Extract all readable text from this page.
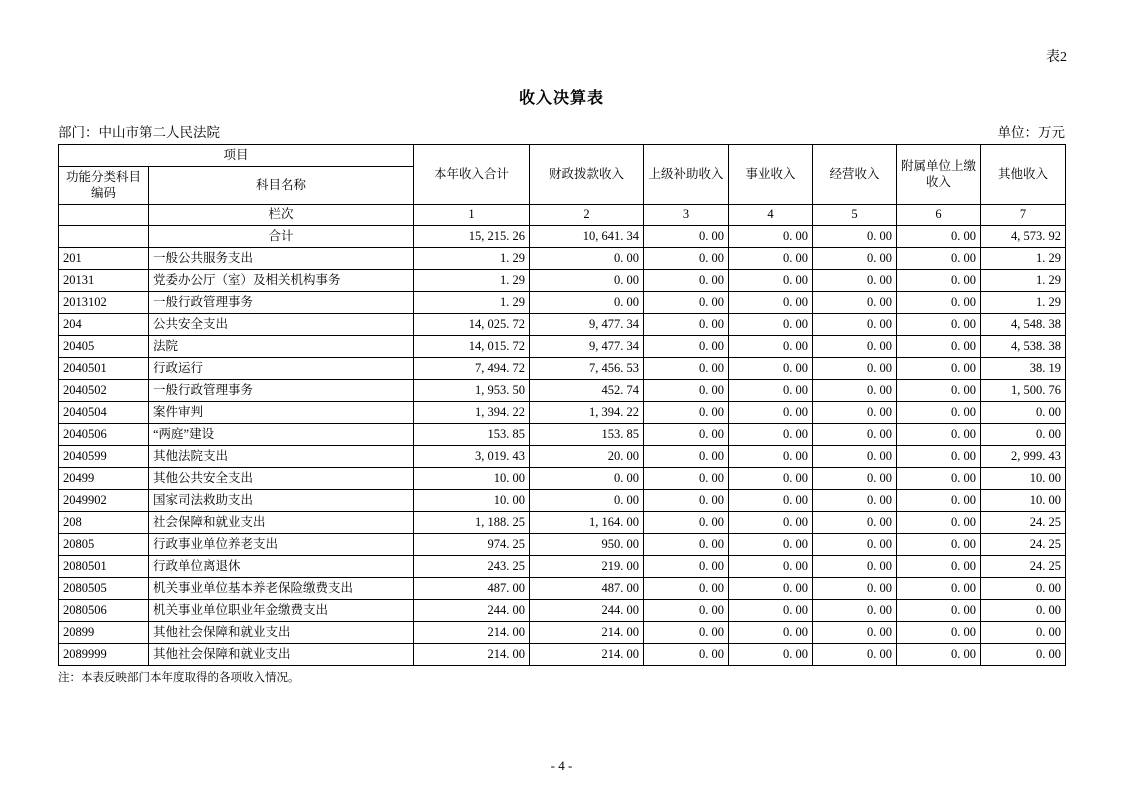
表2
收入决算表
部门：中山市第二人民法院	单位：万元
项目		本年收入合计	财政拨款收入	上级补助收入	事业收入	经营收入	附属单位上缴收入	其他收入
功能分类科目编码	科目名称							
	栏次	1	2	3	4	5	6	7
	合计	15, 215. 26	10, 641. 34	0. 00	0. 00	0. 00	0. 00	4, 573. 92
201	一般公共服务支出	1. 29	0. 00	0. 00	0. 00	0. 00	0. 00	1. 29
20131	党委办公厅（室）及相关机构事务	1. 29	0. 00	0. 00	0. 00	0. 00	0. 00	1. 29
2013102	一般行政管理事务	1. 29	0. 00	0. 00	0. 00	0. 00	0. 00	1. 29
204	公共安全支出	14, 025. 72	9, 477. 34	0. 00	0. 00	0. 00	0. 00	4, 548. 38
20405	法院	14, 015. 72	9, 477. 34	0. 00	0. 00	0. 00	0. 00	4, 538. 38
2040501	行政运行	7, 494. 72	7, 456. 53	0. 00	0. 00	0. 00	0. 00	38. 19
2040502	一般行政管理事务	1, 953. 50	452. 74	0. 00	0. 00	0. 00	0. 00	1, 500. 76
2040504	案件审判	1, 394. 22	1, 394. 22	0. 00	0. 00	0. 00	0. 00	0. 00
2040506	“两庭”建设	153. 85	153. 85	0. 00	0. 00	0. 00	0. 00	0. 00
2040599	其他法院支出	3, 019. 43	20. 00	0. 00	0. 00	0. 00	0. 00	2, 999. 43
20499	其他公共安全支出	10. 00	0. 00	0. 00	0. 00	0. 00	0. 00	10. 00
2049902	国家司法救助支出	10. 00	0. 00	0. 00	0. 00	0. 00	0. 00	10. 00
208	社会保障和就业支出	1, 188. 25	1, 164. 00	0. 00	0. 00	0. 00	0. 00	24. 25
20805	行政事业单位养老支出	974. 25	950. 00	0. 00	0. 00	0. 00	0. 00	24. 25
2080501	行政单位离退休	243. 25	219. 00	0. 00	0. 00	0. 00	0. 00	24. 25
2080505	机关事业单位基本养老保险缴费支出	487. 00	487. 00	0. 00	0. 00	0. 00	0. 00	0. 00
2080506	机关事业单位职业年金缴费支出	244. 00	244. 00	0. 00	0. 00	0. 00	0. 00	0. 00
20899	其他社会保障和就业支出	214. 00	214. 00	0. 00	0. 00	0. 00	0. 00	0. 00
2089999	其他社会保障和就业支出	214. 00	214. 00	0. 00	0. 00	0. 00	0. 00	0. 00
注：本表反映部门本年度取得的各项收入情况。
- 4 -
